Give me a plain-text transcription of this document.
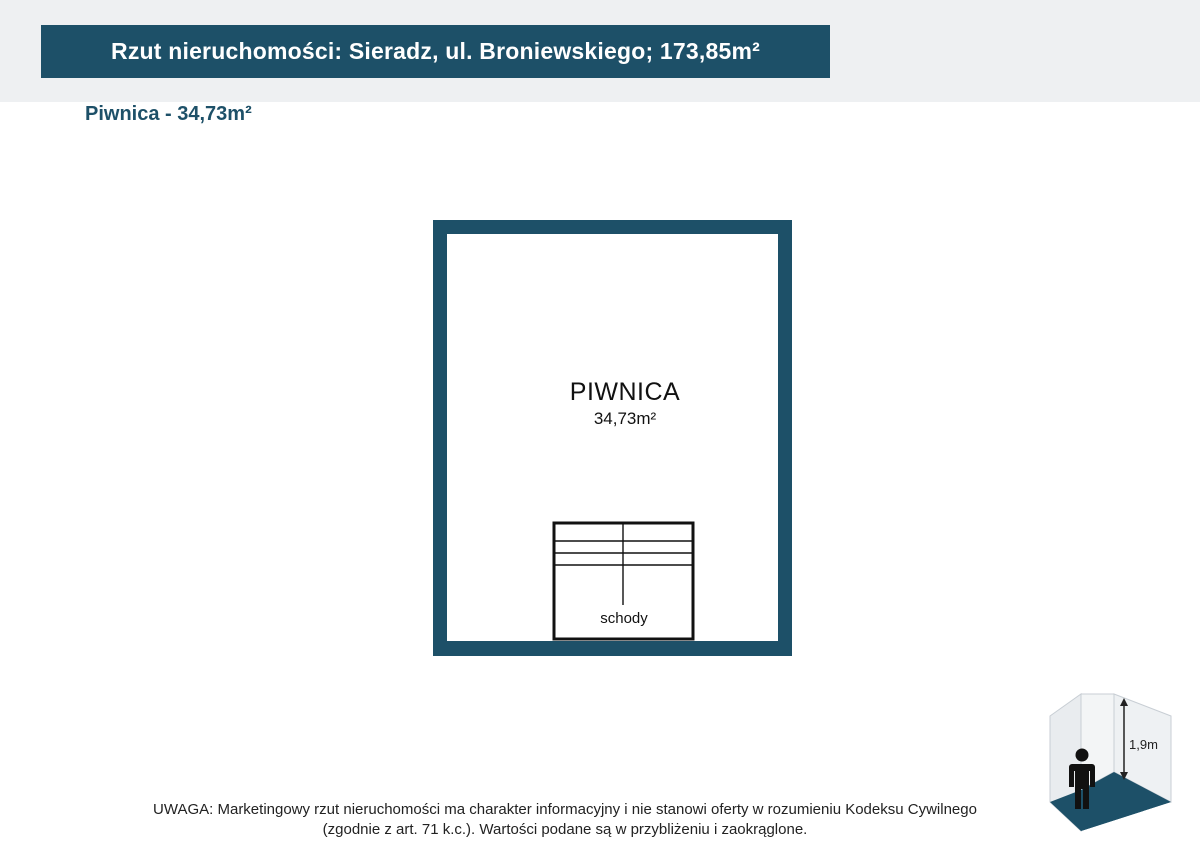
Rzut nieruchomości: Sieradz, ul. Broniewskiego; 173,85m²
Piwnica - 34,73m²
PIWNICA
34,73m²
schody
1,9m
UWAGA: Marketingowy rzut nieruchomości ma charakter informacyjny i nie stanowi oferty w rozumieniu Kodeksu Cywilnego
(zgodnie z art. 71 k.c.). Wartości podane są w przybliżeniu i zaokrąglone.
